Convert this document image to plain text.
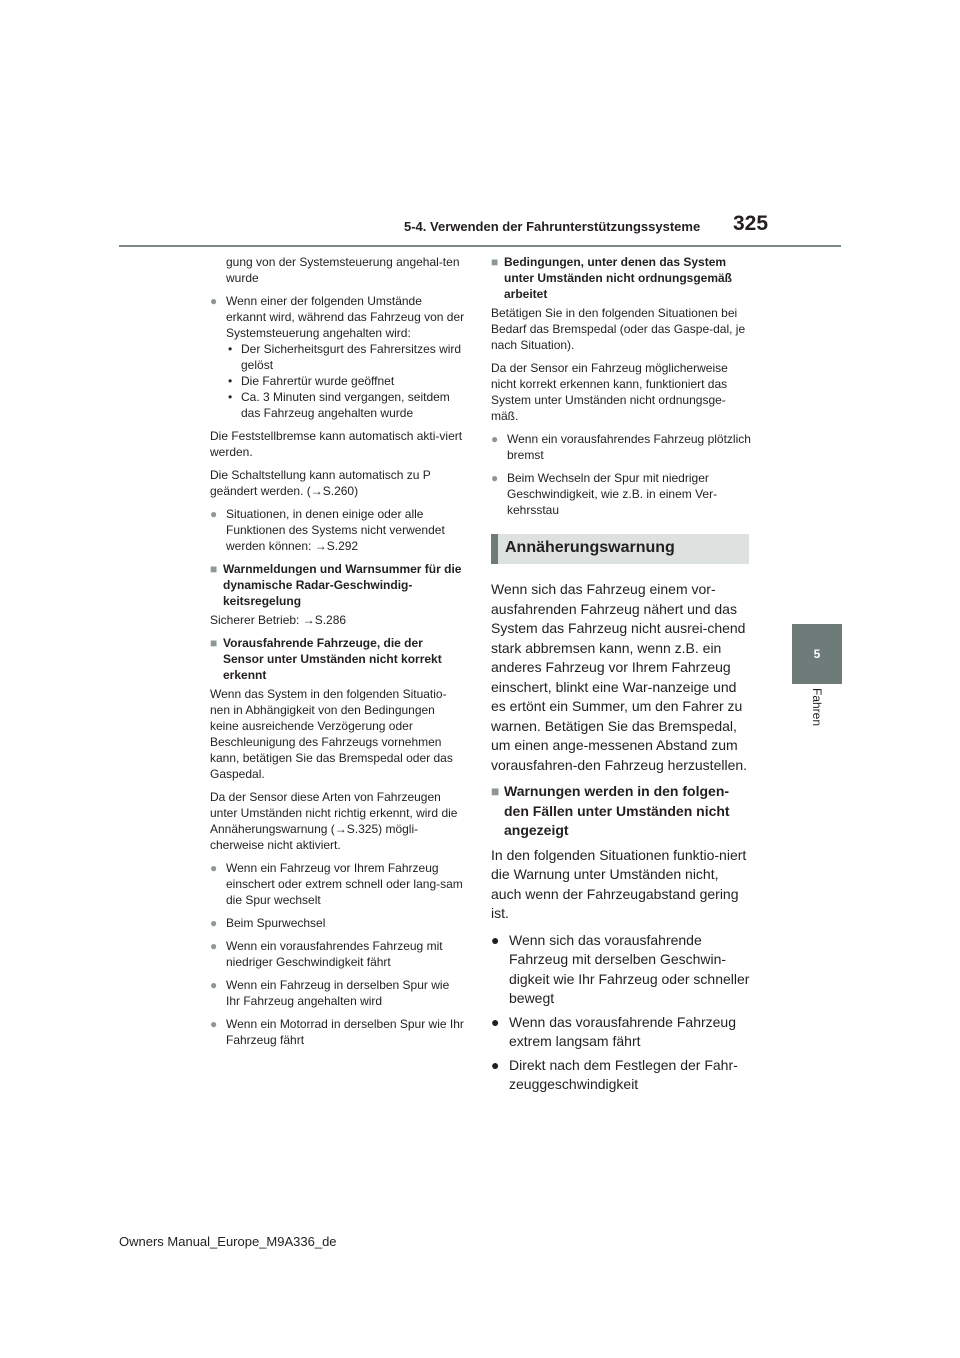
5-4. Verwenden der Fahrunterstützungssysteme 325
5
Fahren

gung von der Systemsteuerung angehal-ten wurde

● Wenn einer der folgenden Umstände erkannt wird, während das Fahrzeug von der Systemsteuerung angehalten wird:
• Der Sicherheitsgurt des Fahrersitzes wird gelöst
• Die Fahrertür wurde geöffnet
• Ca. 3 Minuten sind vergangen, seitdem das Fahrzeug angehalten wurde

Die Feststellbremse kann automatisch akti-viert werden.

Die Schaltstellung kann automatisch zu P geändert werden. (→S.260)

● Situationen, in denen einige oder alle Funktionen des Systems nicht verwendet werden können: →S.292
■ Warnmeldungen und Warnsummer für die dynamische Radar-Geschwindig-keitsregelung

Sicherer Betrieb: →S.286

■ Vorausfahrende Fahrzeuge, die der Sensor unter Umständen nicht korrekt erkennt

Wenn das System in den folgenden Situatio-nen in Abhängigkeit von den Bedingungen keine ausreichende Verzögerung oder Beschleunigung des Fahrzeugs vornehmen kann, betätigen Sie das Bremspedal oder das Gaspedal.

Da der Sensor diese Arten von Fahrzeugen unter Umständen nicht richtig erkennt, wird die Annäherungswarnung (→S.325) mögli-cherweise nicht aktiviert.

● Wenn ein Fahrzeug vor Ihrem Fahrzeug einschert oder extrem schnell oder lang-sam die Spur wechselt
● Beim Spurwechsel
● Wenn ein vorausfahrendes Fahrzeug mit niedriger Geschwindigkeit fährt
● Wenn ein Fahrzeug in derselben Spur wie Ihr Fahrzeug angehalten wird
● Wenn ein Motorrad in derselben Spur wie Ihr Fahrzeug fährt
■ Bedingungen, unter denen das System unter Umständen nicht ordnungsgemäß arbeitet

Betätigen Sie in den folgenden Situationen bei Bedarf das Bremspedal (oder das Gaspe-dal, je nach Situation).

Da der Sensor ein Fahrzeug möglicherweise nicht korrekt erkennen kann, funktioniert das System unter Umständen nicht ordnungsge-mäß.

● Wenn ein vorausfahrendes Fahrzeug plötzlich bremst
● Beim Wechseln der Spur mit niedriger Geschwindigkeit, wie z.B. in einem Ver-kehrsstau
Annäherungswarnung

Wenn sich das Fahrzeug einem vor-ausfahrenden Fahrzeug nähert und das System das Fahrzeug nicht ausrei-chend stark abbremsen kann, wenn z.B. ein anderes Fahrzeug vor Ihrem Fahrzeug einschert, blinkt eine War-nanzeige und es ertönt ein Summer, um den Fahrer zu warnen. Betätigen Sie das Bremspedal, um einen ange-messenen Abstand zum vorausfahren-den Fahrzeug herzustellen.

■ Warnungen werden in den folgen-den Fällen unter Umständen nicht angezeigt

In den folgenden Situationen funktio-niert die Warnung unter Umständen nicht, auch wenn der Fahrzeugabstand gering ist.

● Wenn sich das vorausfahrende Fahrzeug mit derselben Geschwin-digkeit wie Ihr Fahrzeug oder schneller bewegt
● Wenn das vorausfahrende Fahrzeug extrem langsam fährt
● Direkt nach dem Festlegen der Fahr-zeuggeschwindigkeit
Owners Manual_Europe_M9A336_de
